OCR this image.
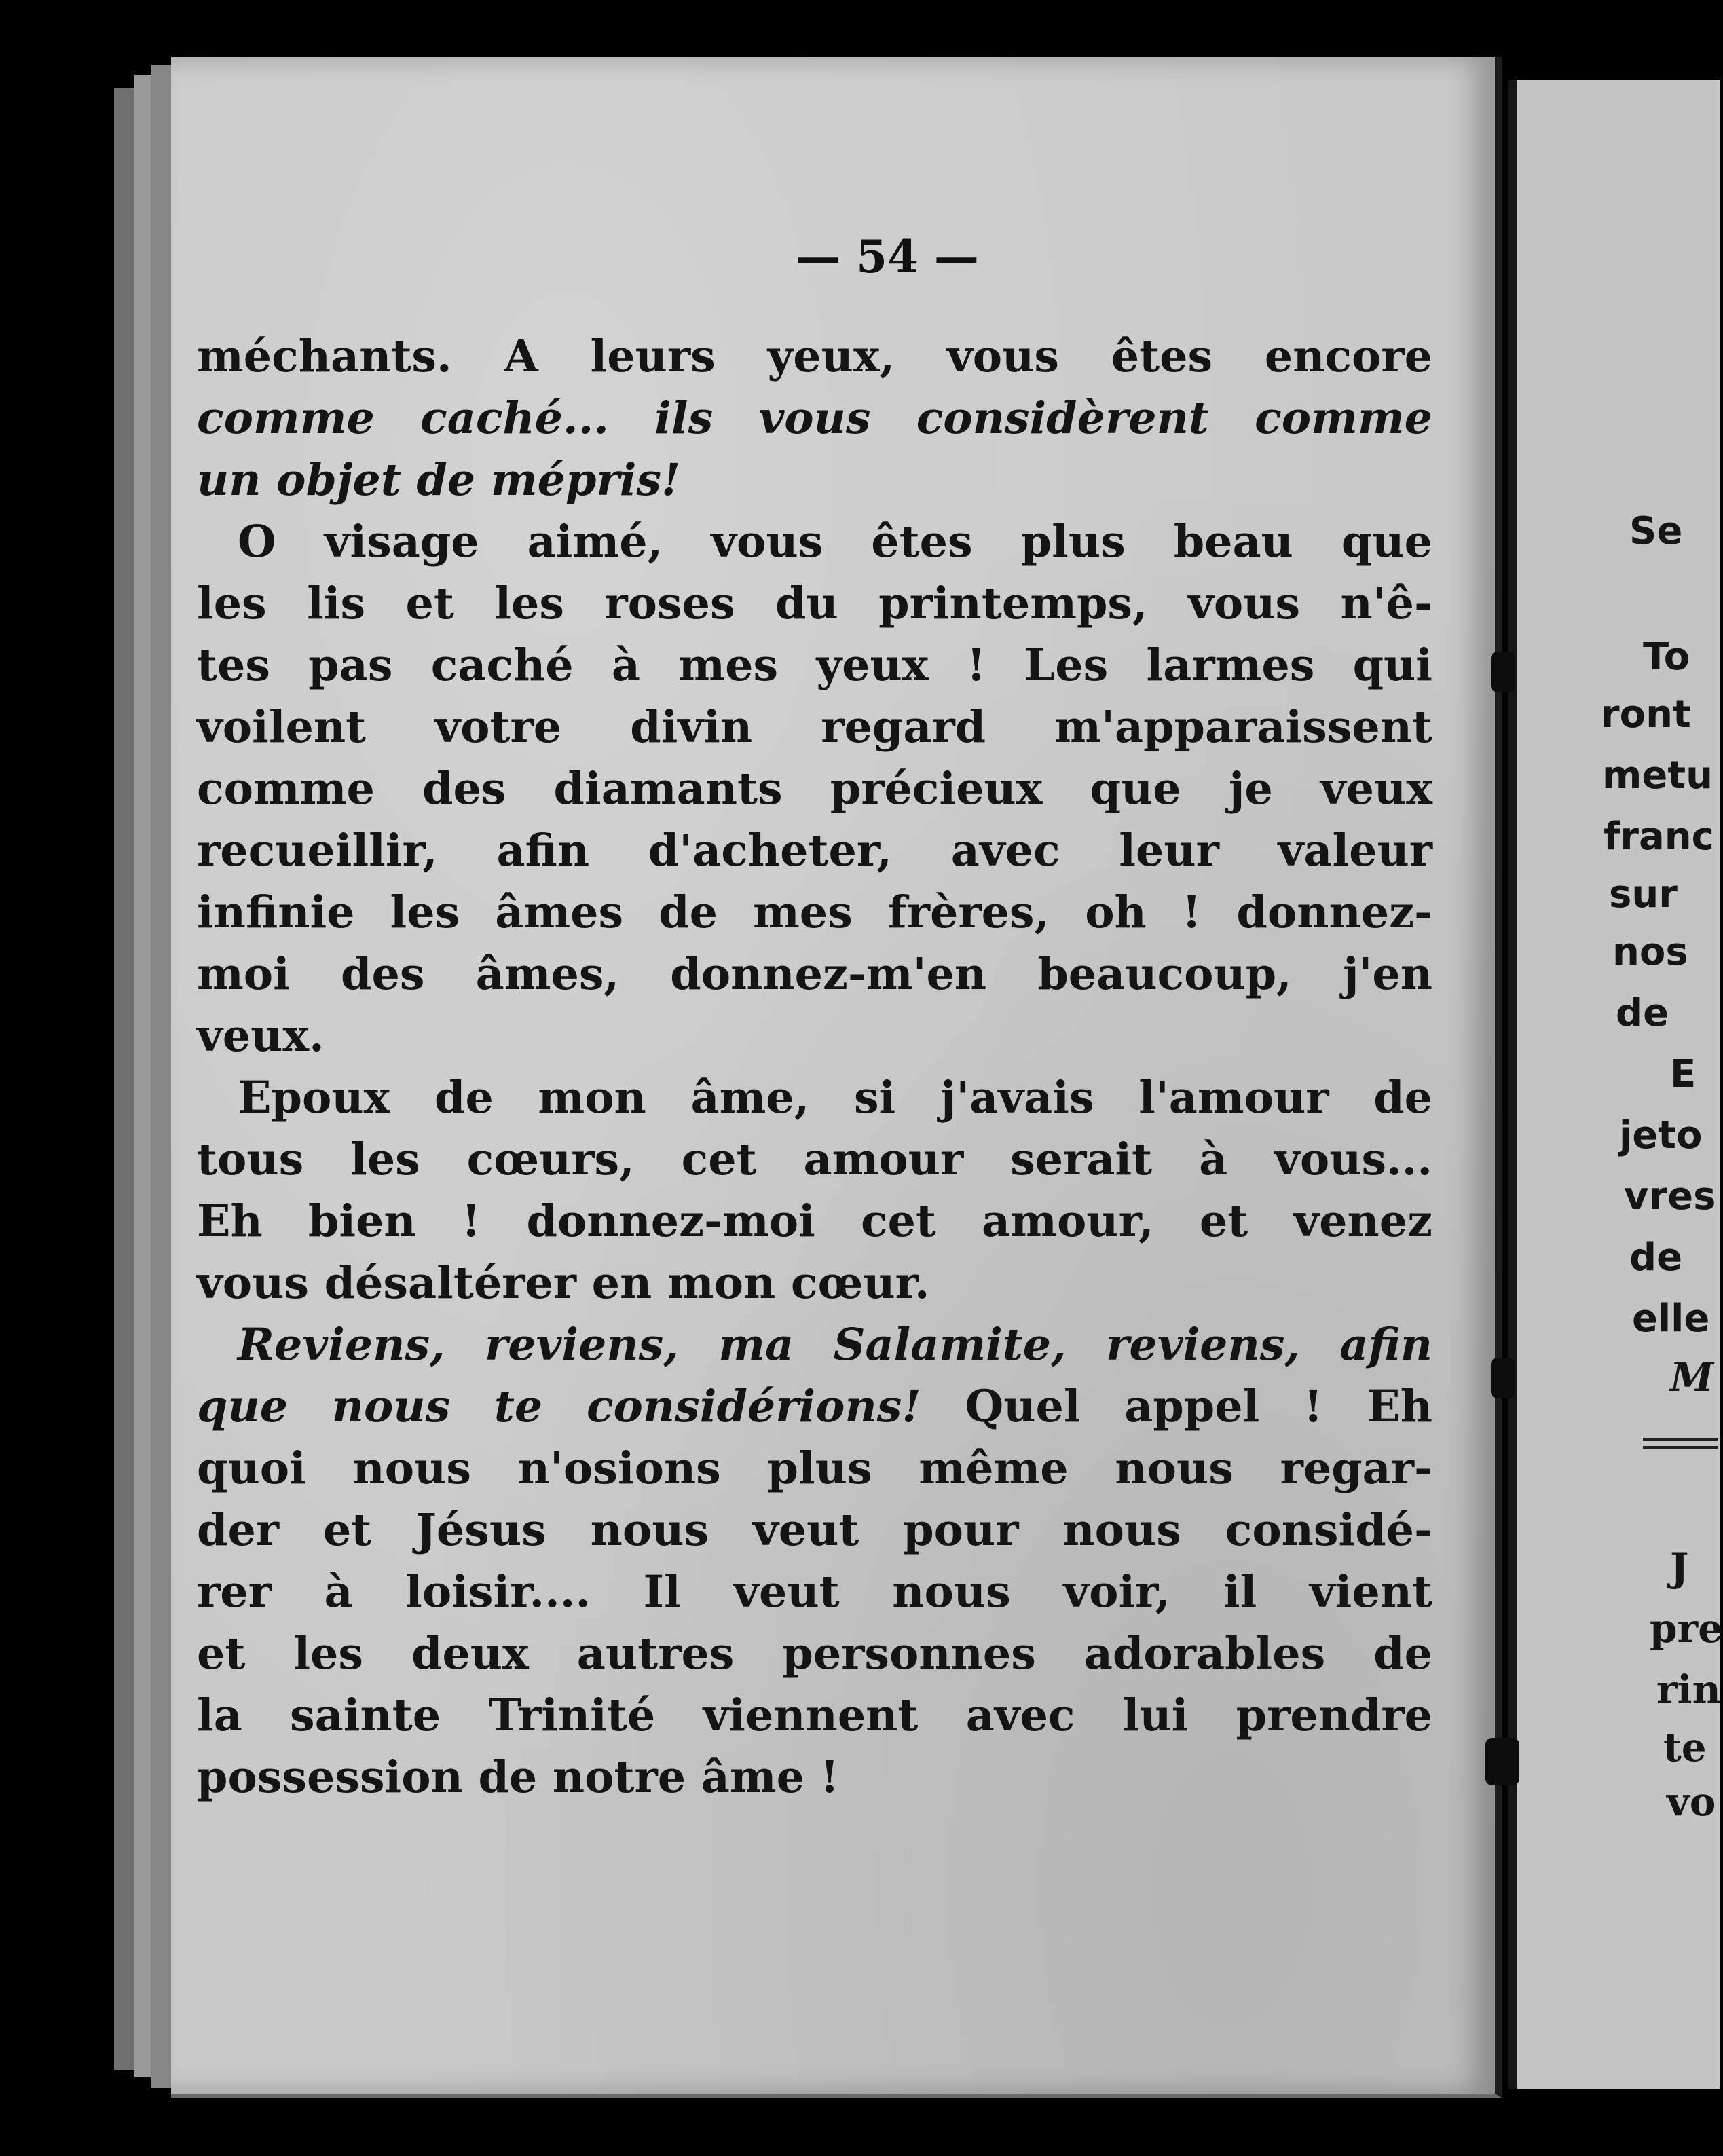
— 54 —
méchants. A leurs yeux, vous êtes encore
comme caché... ils vous considèrent comme
un objet de mépris!
O visage aimé, vous êtes plus beau que
les lis et les roses du printemps, vous n'ê-
tes pas caché à mes yeux ! Les larmes qui
voilent votre divin regard m'apparaissent
comme des diamants précieux que je veux
recueillir, afin d'acheter, avec leur valeur
infinie les âmes de mes frères, oh ! donnez-
moi des âmes, donnez-m'en beaucoup, j'en
veux.
Epoux de mon âme, si j'avais l'amour de
tous les cœurs, cet amour serait à vous...
Eh bien ! donnez-moi cet amour, et venez
vous désaltérer en mon cœur.
Reviens, reviens, ma Salamite, reviens, afin
que nous te considérions! Quel appel ! Eh
quoi nous n'osions plus même nous regar-
der et Jésus nous veut pour nous considé-
rer à loisir.... Il veut nous voir, il vient
et les deux autres personnes adorables de
la sainte Trinité viennent avec lui prendre
possession de notre âme !
Se
To
ront
metu
franc
sur
nos
de
E
jeto
vres
de
elle
M
J
pre
rin
te
vo
